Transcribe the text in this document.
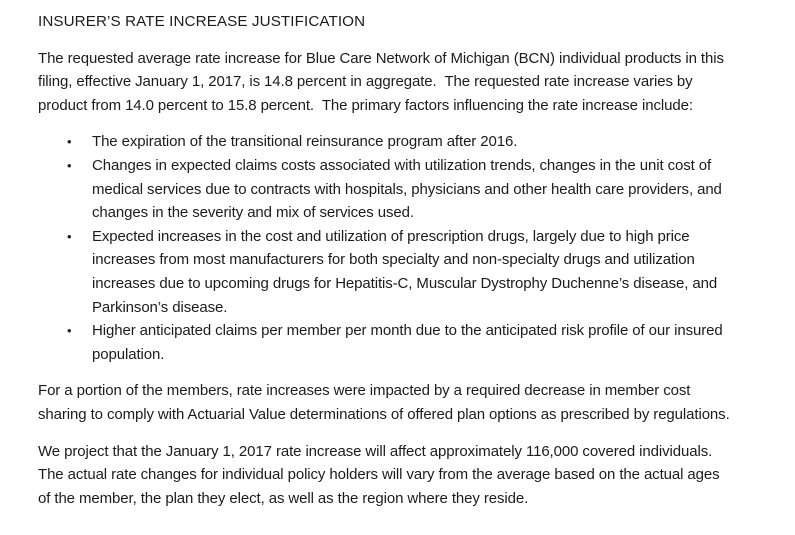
INSURER’S RATE INCREASE JUSTIFICATION

The requested average rate increase for Blue Care Network of Michigan (BCN) individual products in this filing, effective January 1, 2017, is 14.8 percent in aggregate.  The requested rate increase varies by product from 14.0 percent to 15.8 percent.  The primary factors influencing the rate increase include:

•	The expiration of the transitional reinsurance program after 2016.
•	Changes in expected claims costs associated with utilization trends, changes in the unit cost of medical services due to contracts with hospitals, physicians and other health care providers, and changes in the severity and mix of services used.
•	Expected increases in the cost and utilization of prescription drugs, largely due to high price increases from most manufacturers for both specialty and non-specialty drugs and utilization increases due to upcoming drugs for Hepatitis-C, Muscular Dystrophy Duchenne’s disease, and Parkinson’s disease.
•	Higher anticipated claims per member per month due to the anticipated risk profile of our insured population.

For a portion of the members, rate increases were impacted by a required decrease in member cost sharing to comply with Actuarial Value determinations of offered plan options as prescribed by regulations.

We project that the January 1, 2017 rate increase will affect approximately 116,000 covered individuals.  The actual rate changes for individual policy holders will vary from the average based on the actual ages of the member, the plan they elect, as well as the region where they reside.
